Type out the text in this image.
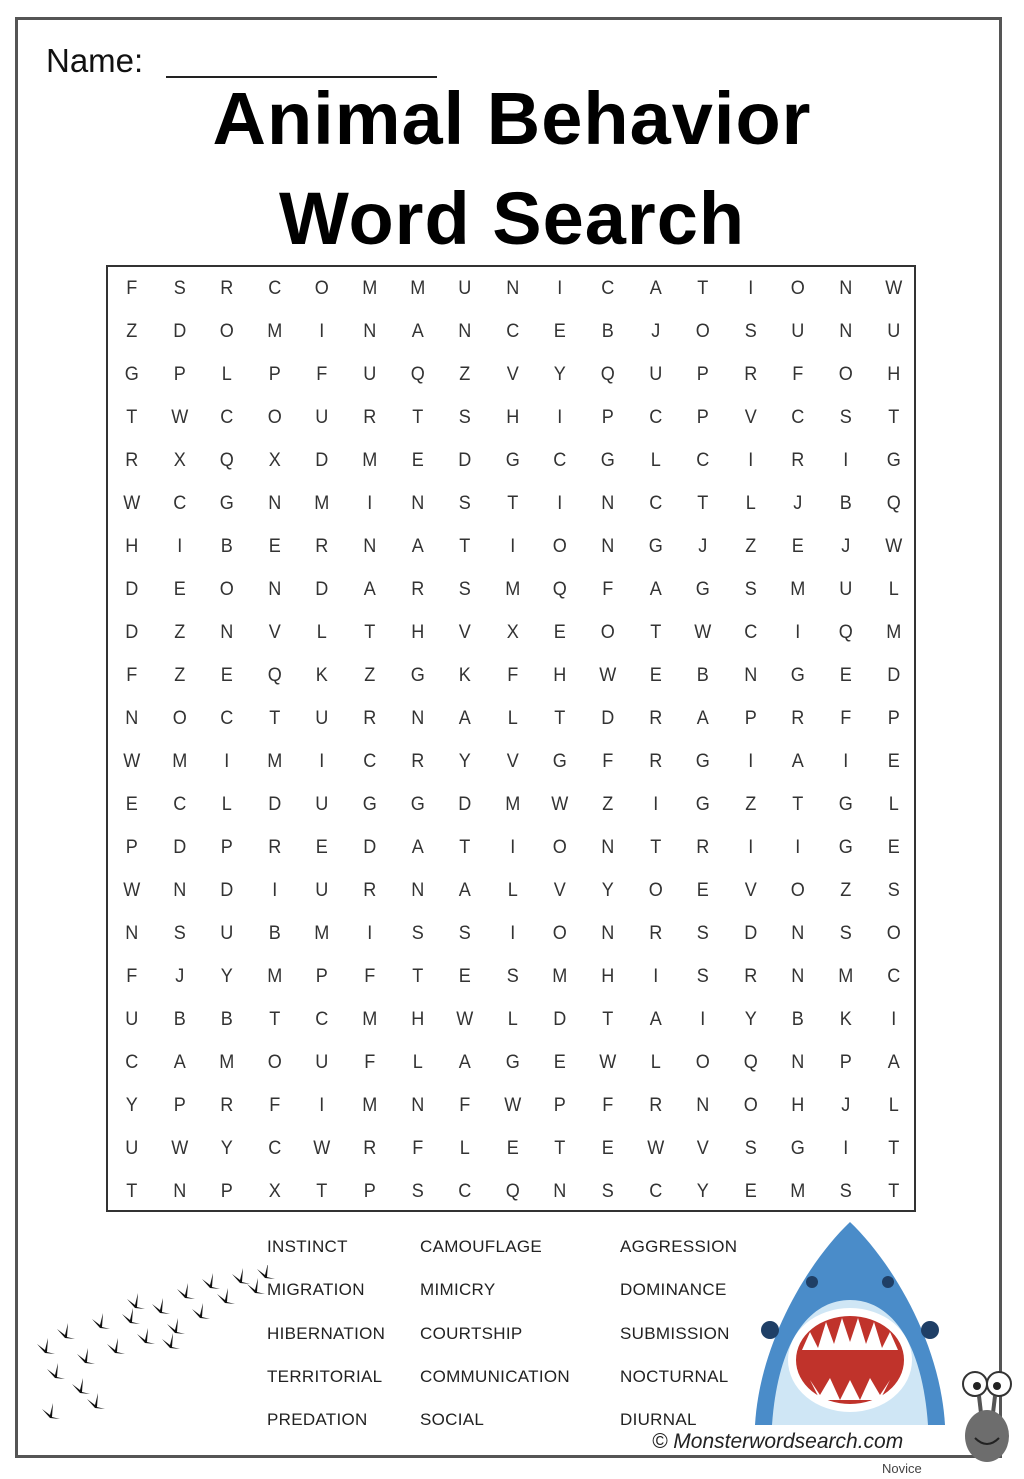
Name:
Animal Behavior
Word Search
F	S	R	C	O	M	M	U	N	I	C	A	T	I	O	N	W
Z	D	O	M	I	N	A	N	C	E	B	J	O	S	U	N	U
G	P	L	P	F	U	Q	Z	V	Y	Q	U	P	R	F	O	H
T	W	C	O	U	R	T	S	H	I	P	C	P	V	C	S	T
R	X	Q	X	D	M	E	D	G	C	G	L	C	I	R	I	G
W	C	G	N	M	I	N	S	T	I	N	C	T	L	J	B	Q
H	I	B	E	R	N	A	T	I	O	N	G	J	Z	E	J	W
D	E	O	N	D	A	R	S	M	Q	F	A	G	S	M	U	L
D	Z	N	V	L	T	H	V	X	E	O	T	W	C	I	Q	M
F	Z	E	Q	K	Z	G	K	F	H	W	E	B	N	G	E	D
N	O	C	T	U	R	N	A	L	T	D	R	A	P	R	F	P
W	M	I	M	I	C	R	Y	V	G	F	R	G	I	A	I	E
E	C	L	D	U	G	G	D	M	W	Z	I	G	Z	T	G	L
P	D	P	R	E	D	A	T	I	O	N	T	R	I	I	G	E
W	N	D	I	U	R	N	A	L	V	Y	O	E	V	O	Z	S
N	S	U	B	M	I	S	S	I	O	N	R	S	D	N	S	O
F	J	Y	M	P	F	T	E	S	M	H	I	S	R	N	M	C
U	B	B	T	C	M	H	W	L	D	T	A	I	Y	B	K	I
C	A	M	O	U	F	L	A	G	E	W	L	O	Q	N	P	A
Y	P	R	F	I	M	N	F	W	P	F	R	N	O	H	J	L
U	W	Y	C	W	R	F	L	E	T	E	W	V	S	G	I	T
T	N	P	X	T	P	S	C	Q	N	S	C	Y	E	M	S	T
INSTINCT
MIGRATION
HIBERNATION
TERRITORIAL
PREDATION
CAMOUFLAGE
MIMICRY
COURTSHIP
COMMUNICATION
SOCIAL
AGGRESSION
DOMINANCE
SUBMISSION
NOCTURNAL
DIURNAL
© Monsterwordsearch.com
Novice
